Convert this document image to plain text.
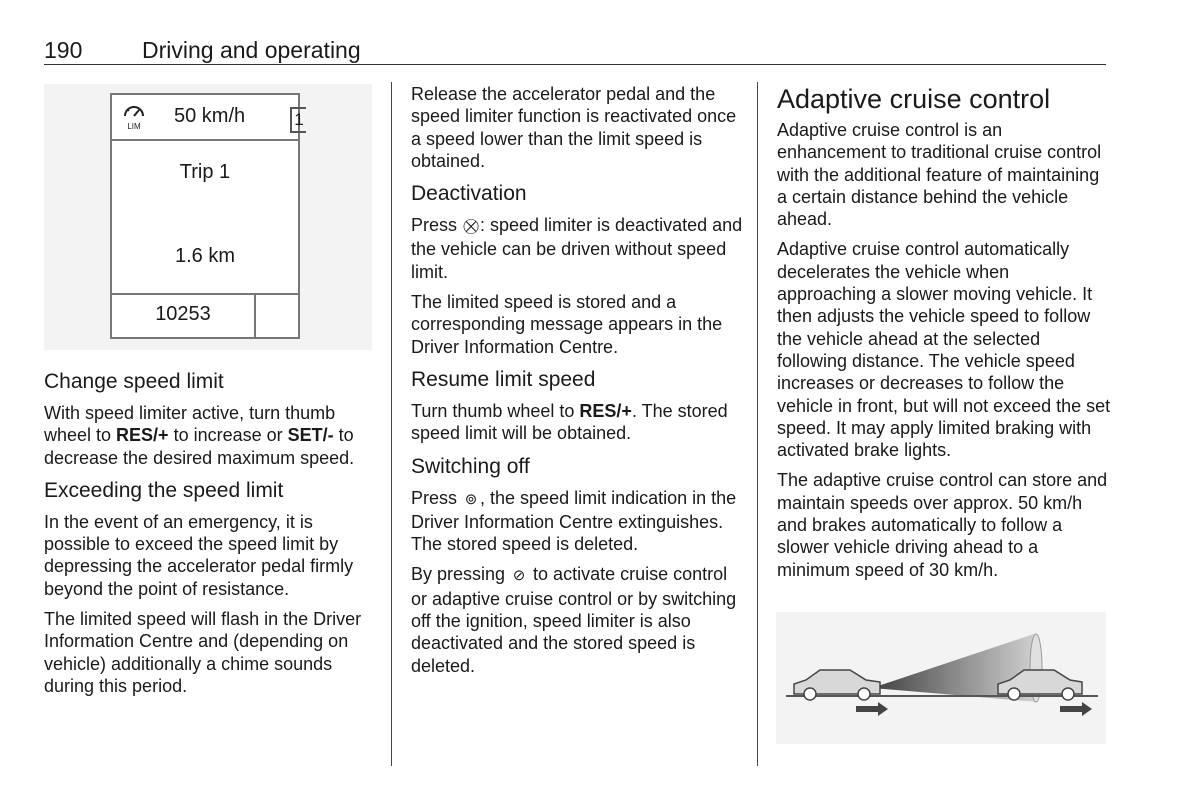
190	Driving and operating
LIM 50 km/h	1
Trip 1
1.6 km
10253
Change speed limit

With speed limiter active, turn thumb wheel to RES/+ to increase or SET/- to decrease the desired maximum speed.

Exceeding the speed limit

In the event of an emergency, it is possible to exceed the speed limit by depressing the accelerator pedal firmly beyond the point of resistance.

The limited speed will flash in the Driver Information Centre and (depending on vehicle) additionally a chime sounds during this period.

Release the accelerator pedal and the speed limiter function is reactivated once a speed lower than the limit speed is obtained.

Deactivation

Press ⛒: speed limiter is deactivated and the vehicle can be driven without speed limit.

The limited speed is stored and a corresponding message appears in the Driver Information Centre.

Resume limit speed

Turn thumb wheel to RES/+. The stored speed limit will be obtained.

Switching off

Press ⊚ , the speed limit indication in the Driver Information Centre extinguishes. The stored speed is deleted.

By pressing ⊘ to activate cruise control or adaptive cruise control or by switching off the ignition, speed limiter is also deactivated and the stored speed is deleted.

Adaptive cruise control

Adaptive cruise control is an enhancement to traditional cruise control with the additional feature of maintaining a certain distance behind the vehicle ahead.

Adaptive cruise control automatically decelerates the vehicle when approaching a slower moving vehicle. It then adjusts the vehicle speed to follow the vehicle ahead at the selected following distance. The vehicle speed increases or decreases to follow the vehicle in front, but will not exceed the set speed. It may apply limited braking with activated brake lights.

The adaptive cruise control can store and maintain speeds over approx. 50 km/h and brakes automatically to follow a slower vehicle driving ahead to a minimum speed of 30 km/h.
